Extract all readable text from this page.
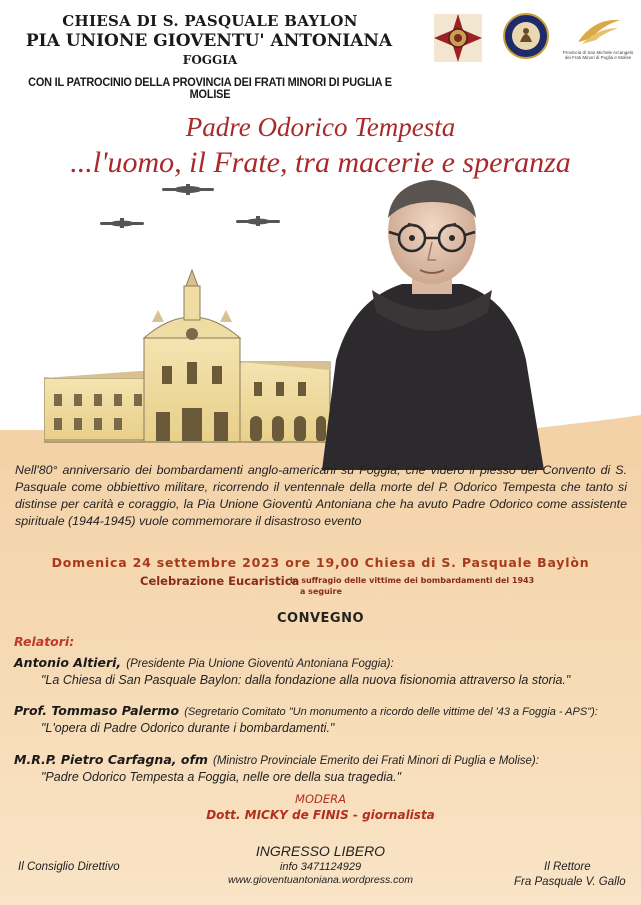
CHIESA DI S. PASQUALE BAYLON
PIA UNIONE GIOVENTU' ANTONIANA
FOGGIA
CON IL PATROCINIO DELLA PROVINCIA DEI FRATI MINORI DI PUGLIA E MOLISE
Provincia di San Michele Arcangelo
dei Frati Minori di Puglia e Molise
Padre Odorico Tempesta
...l'uomo, il Frate, tra macerie e speranza
Nell'80° anniversario dei bombardamenti anglo-americani su Foggia, che videro il plesso del Convento di S. Pasquale come obbiettivo militare, ricorrendo il ventennale della morte del P. Odorico Tempesta che tanto si distinse per carità e coraggio, la Pia Unione Gioventù Antoniana che ha avuto Padre Odorico come assistente spirituale (1944-1945) vuole commemorare il disastroso evento
Domenica 24 settembre 2023 ore 19,00 Chiesa di S. Pasquale Baylòn
Celebrazione Eucaristica
in suffragio delle vittime dei bombardamenti del 1943
a seguire
CONVEGNO
Relatori:
Antonio Altieri, (Presidente Pia Unione Gioventù Antoniana Foggia):
"La Chiesa di San Pasquale Baylon: dalla fondazione alla nuova fisionomia attraverso la storia."
Prof. Tommaso Palermo (Segretario Comitato "Un monumento a ricordo delle vittime del '43 a Foggia - APS"):
"L'opera di Padre Odorico durante i bombardamenti."
M.R.P. Pietro Carfagna, ofm (Ministro Provinciale Emerito dei Frati Minori di Puglia e Molise):
"Padre Odorico Tempesta a Foggia, nelle ore della sua tragedia."
MODERA
Dott. MICKY de FINIS - giornalista
INGRESSO LIBERO
info 3471124929
www.gioventuantoniana.wordpress.com
Il Consiglio Direttivo	Il Rettore
Fra Pasquale V. Gallo
